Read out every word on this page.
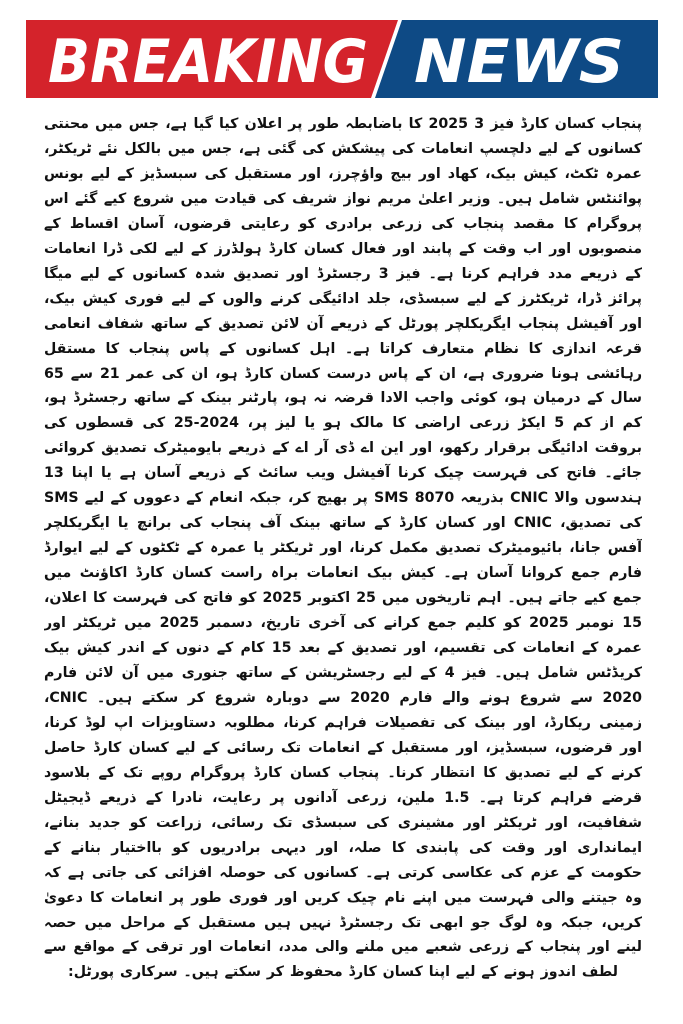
BREAKING NEWS

پنجاب کسان کارڈ فیز 3 2025 کا باضابطہ طور پر اعلان کیا گیا ہے، جس میں محنتی کسانوں کے لیے دلچسپ انعامات کی پیشکش کی گئی ہے، جس میں بالکل نئے ٹریکٹر، عمرہ ٹکٹ، کیش بیک، کھاد اور بیج واؤچرز، اور مستقبل کی سبسڈیز کے لیے بونس پوائنٹس شامل ہیں۔ وزیر اعلیٰ مریم نواز شریف کی قیادت میں شروع کیے گئے اس پروگرام کا مقصد پنجاب کی زرعی برادری کو رعایتی قرضوں، آسان اقساط کے منصوبوں اور اب وقت کے پابند اور فعال کسان کارڈ ہولڈرز کے لیے لکی ڈرا انعامات کے ذریعے مدد فراہم کرنا ہے۔ فیز 3 رجسٹرڈ اور تصدیق شدہ کسانوں کے لیے میگا پرائز ڈرا، ٹریکٹرز کے لیے سبسڈی، جلد ادائیگی کرنے والوں کے لیے فوری کیش بیک، اور آفیشل پنجاب ایگریکلچر پورٹل کے ذریعے آن لائن تصدیق کے ساتھ شفاف انعامی قرعہ اندازی کا نظام متعارف کراتا ہے۔ اہل کسانوں کے پاس پنجاب کا مستقل رہائشی ہونا ضروری ہے، ان کے پاس درست کسان کارڈ ہو، ان کی عمر 21 سے 65 سال کے درمیان ہو، کوئی واجب الادا قرضہ نہ ہو، پارٹنر بینک کے ساتھ رجسٹرڈ ہو، کم از کم 5 ایکڑ زرعی اراضی کا مالک ہو یا لیز پر، 2024-25 کی قسطوں کی بروقت ادائیگی برقرار رکھو، اور این اے ڈی آر اے کے ذریعے بایومیٹرک تصدیق کروائی جائے۔ فاتح کی فہرست چیک کرنا آفیشل ویب سائٹ کے ذریعے آسان ہے یا اپنا 13 ہندسوں والا CNIC بذریعہ SMS 8070 پر بھیج کر، جبکہ انعام کے دعووں کے لیے SMS کی تصدیق، CNIC اور کسان کارڈ کے ساتھ بینک آف پنجاب کی برانچ یا ایگریکلچر آفس جانا، بائیومیٹرک تصدیق مکمل کرنا، اور ٹریکٹر یا عمرہ کے ٹکٹوں کے لیے ایوارڈ فارم جمع کروانا آسان ہے۔ کیش بیک انعامات براہ راست کسان کارڈ اکاؤنٹ میں جمع کیے جاتے ہیں۔ اہم تاریخوں میں 25 اکتوبر 2025 کو فاتح کی فہرست کا اعلان، 15 نومبر 2025 کو کلیم جمع کرانے کی آخری تاریخ، دسمبر 2025 میں ٹریکٹر اور عمرہ کے انعامات کی تقسیم، اور تصدیق کے بعد 15 کام کے دنوں کے اندر کیش بیک کریڈٹس شامل ہیں۔ فیز 4 کے لیے رجسٹریشن کے ساتھ جنوری میں آن لائن فارم 2020 سے شروع ہونے والے فارم 2020 سے دوبارہ شروع کر سکتے ہیں۔ CNIC، زمینی ریکارڈ، اور بینک کی تفصیلات فراہم کرنا، مطلوبہ دستاویزات اپ لوڈ کرنا، اور قرضوں، سبسڈیز، اور مستقبل کے انعامات تک رسائی کے لیے کسان کارڈ حاصل کرنے کے لیے تصدیق کا انتظار کرنا۔ پنجاب کسان کارڈ پروگرام روپے تک کے بلاسود قرضے فراہم کرتا ہے۔ 1.5 ملین، زرعی آدانوں پر رعایت، نادرا کے ذریعے ڈیجیٹل شفافیت، اور ٹریکٹر اور مشینری کی سبسڈی تک رسائی، زراعت کو جدید بنانے، ایمانداری اور وقت کی پابندی کا صلہ، اور دیہی برادریوں کو بااختیار بنانے کے حکومت کے عزم کی عکاسی کرتی ہے۔ کسانوں کی حوصلہ افزائی کی جاتی ہے کہ وہ جیتنے والی فہرست میں اپنے نام چیک کریں اور فوری طور پر انعامات کا دعویٰ کریں، جبکہ وہ لوگ جو ابھی تک رجسٹرڈ نہیں ہیں مستقبل کے مراحل میں حصہ لینے اور پنجاب کے زرعی شعبے میں ملنے والی مدد، انعامات اور ترقی کے مواقع سے لطف اندوز ہونے کے لیے اپنا کسان کارڈ محفوظ کر سکتے ہیں۔ سرکاری پورٹل:
